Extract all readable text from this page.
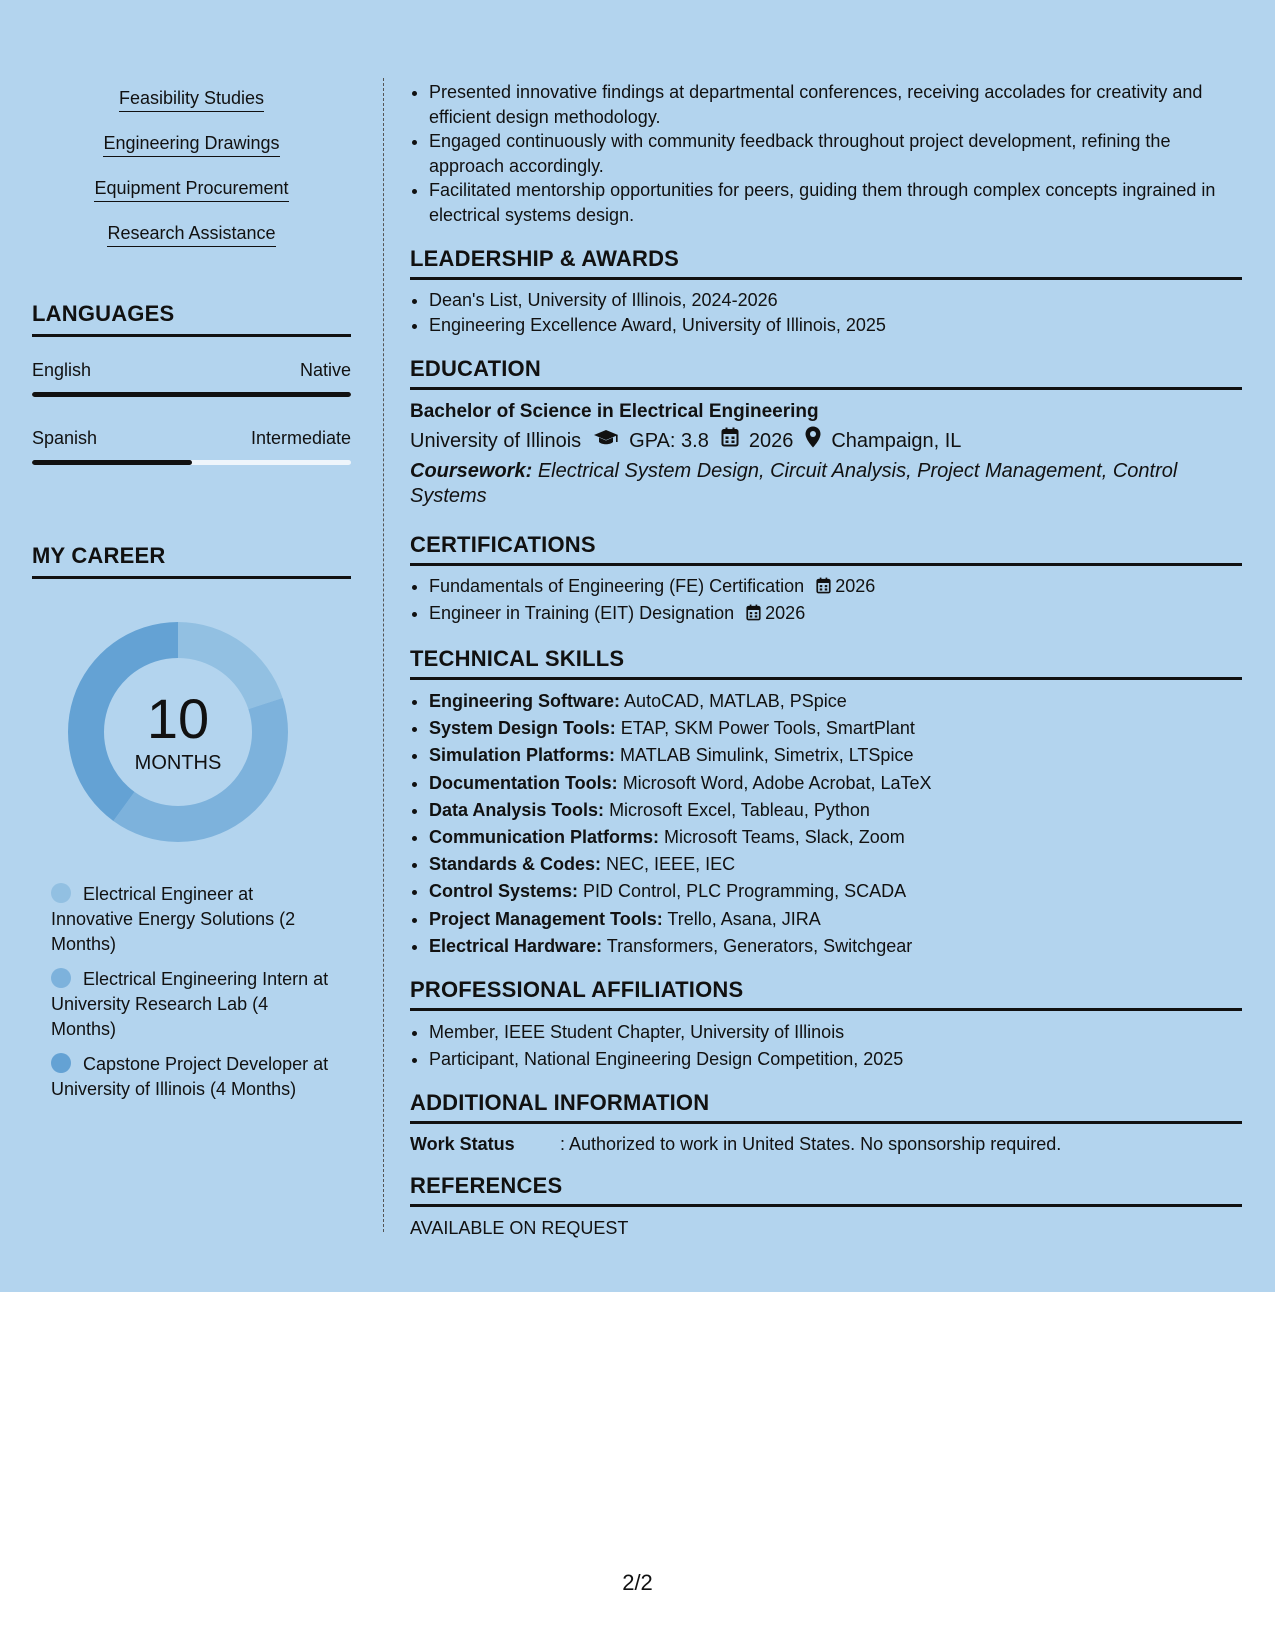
Feasibility Studies
Engineering Drawings
Equipment Procurement
Research Assistance
LANGUAGES
English	Native
Spanish	Intermediate
MY CAREER
10
MONTHS
Electrical Engineer at Innovative Energy Solutions (2 Months)
Electrical Engineering Intern at University Research Lab (4 Months)
Capstone Project Developer at University of Illinois (4 Months)
• Presented innovative findings at departmental conferences, receiving accolades for creativity and efficient design methodology.
• Engaged continuously with community feedback throughout project development, refining the approach accordingly.
• Facilitated mentorship opportunities for peers, guiding them through complex concepts ingrained in electrical systems design.
LEADERSHIP & AWARDS
• Dean's List, University of Illinois, 2024-2026
• Engineering Excellence Award, University of Illinois, 2025
EDUCATION
Bachelor of Science in Electrical Engineering
University of Illinois GPA: 3.8 2026 Champaign, IL
Coursework: Electrical System Design, Circuit Analysis, Project Management, Control Systems
CERTIFICATIONS
• Fundamentals of Engineering (FE) Certification 2026
• Engineer in Training (EIT) Designation 2026
TECHNICAL SKILLS
• Engineering Software: AutoCAD, MATLAB, PSpice
• System Design Tools: ETAP, SKM Power Tools, SmartPlant
• Simulation Platforms: MATLAB Simulink, Simetrix, LTSpice
• Documentation Tools: Microsoft Word, Adobe Acrobat, LaTeX
• Data Analysis Tools: Microsoft Excel, Tableau, Python
• Communication Platforms: Microsoft Teams, Slack, Zoom
• Standards & Codes: NEC, IEEE, IEC
• Control Systems: PID Control, PLC Programming, SCADA
• Project Management Tools: Trello, Asana, JIRA
• Electrical Hardware: Transformers, Generators, Switchgear
PROFESSIONAL AFFILIATIONS
• Member, IEEE Student Chapter, University of Illinois
• Participant, National Engineering Design Competition, 2025
ADDITIONAL INFORMATION
Work Status	: Authorized to work in United States. No sponsorship required.
REFERENCES
AVAILABLE ON REQUEST
2/2
